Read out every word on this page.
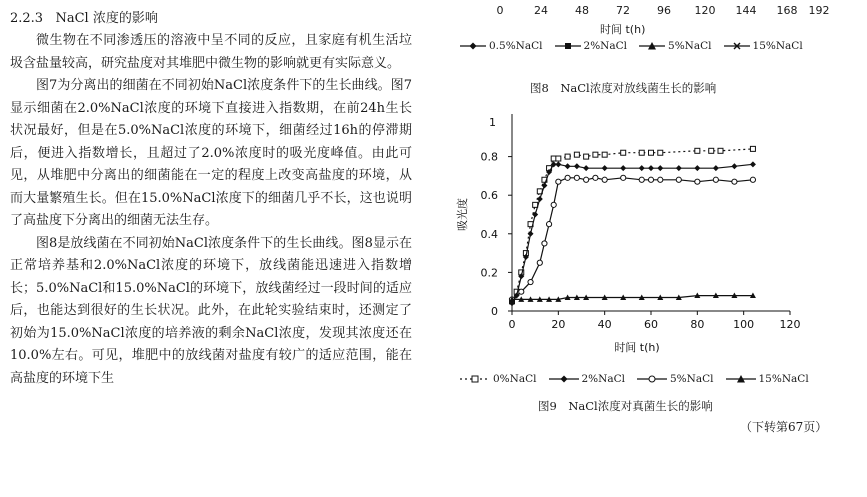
2.2.3 NaCl 浓度的影响

微生物在不同渗透压的溶液中呈不同的反应，且家庭有机生活垃圾含盐量较高，研究盐度对其堆肥中微生物的影响就更有实际意义。

图7为分离出的细菌在不同初始NaCl浓度条件下的生长曲线。图7显示细菌在2.0%NaCl浓度的环境下直接进入指数期，在前24h生长状况最好，但是在5.0%NaCl浓度的环境下，细菌经过16h的停滞期后，便进入指数增长，且超过了2.0%浓度时的吸光度峰值。由此可见，从堆肥中分离出的细菌能在一定的程度上改变高盐度的环境，从而大量繁殖生长。但在15.0%NaCl浓度下的细菌几乎不长，这也说明了高盐度下分离出的细菌无法生存。

图8是放线菌在不同初始NaCl浓度条件下的生长曲线。图8显示在正常培养基和2.0%NaCl浓度的环境下，放线菌能迅速进入指数增长；5.0%NaCl和15.0%NaCl的环境下，放线菌经过一段时间的适应后，也能达到很好的生长状况。此外，在此轮实验结束时，还测定了初始为15.0%NaCl浓度的培养液的剩余NaCl浓度，发现其浓度还在10.0%左右。可见，堆肥中的放线菌对盐度有较广的适应范围，能在高盐度的环境下生

0	24 48 72 96 120 144 168 192
时间 t(h)
0.5%NaCl	2%NaCl	5%NaCl	15%NaCl
图8　NaCl浓度对放线菌生长的影响
0	20	40	60	80	100 120
0
0.2
0.4
0.6
0.8
1
吸光度
时间 t(h)
0%NaCl	2%NaCl	5%NaCl	15%NaCl
图9　NaCl浓度对真菌生长的影响
（下转第67页）
